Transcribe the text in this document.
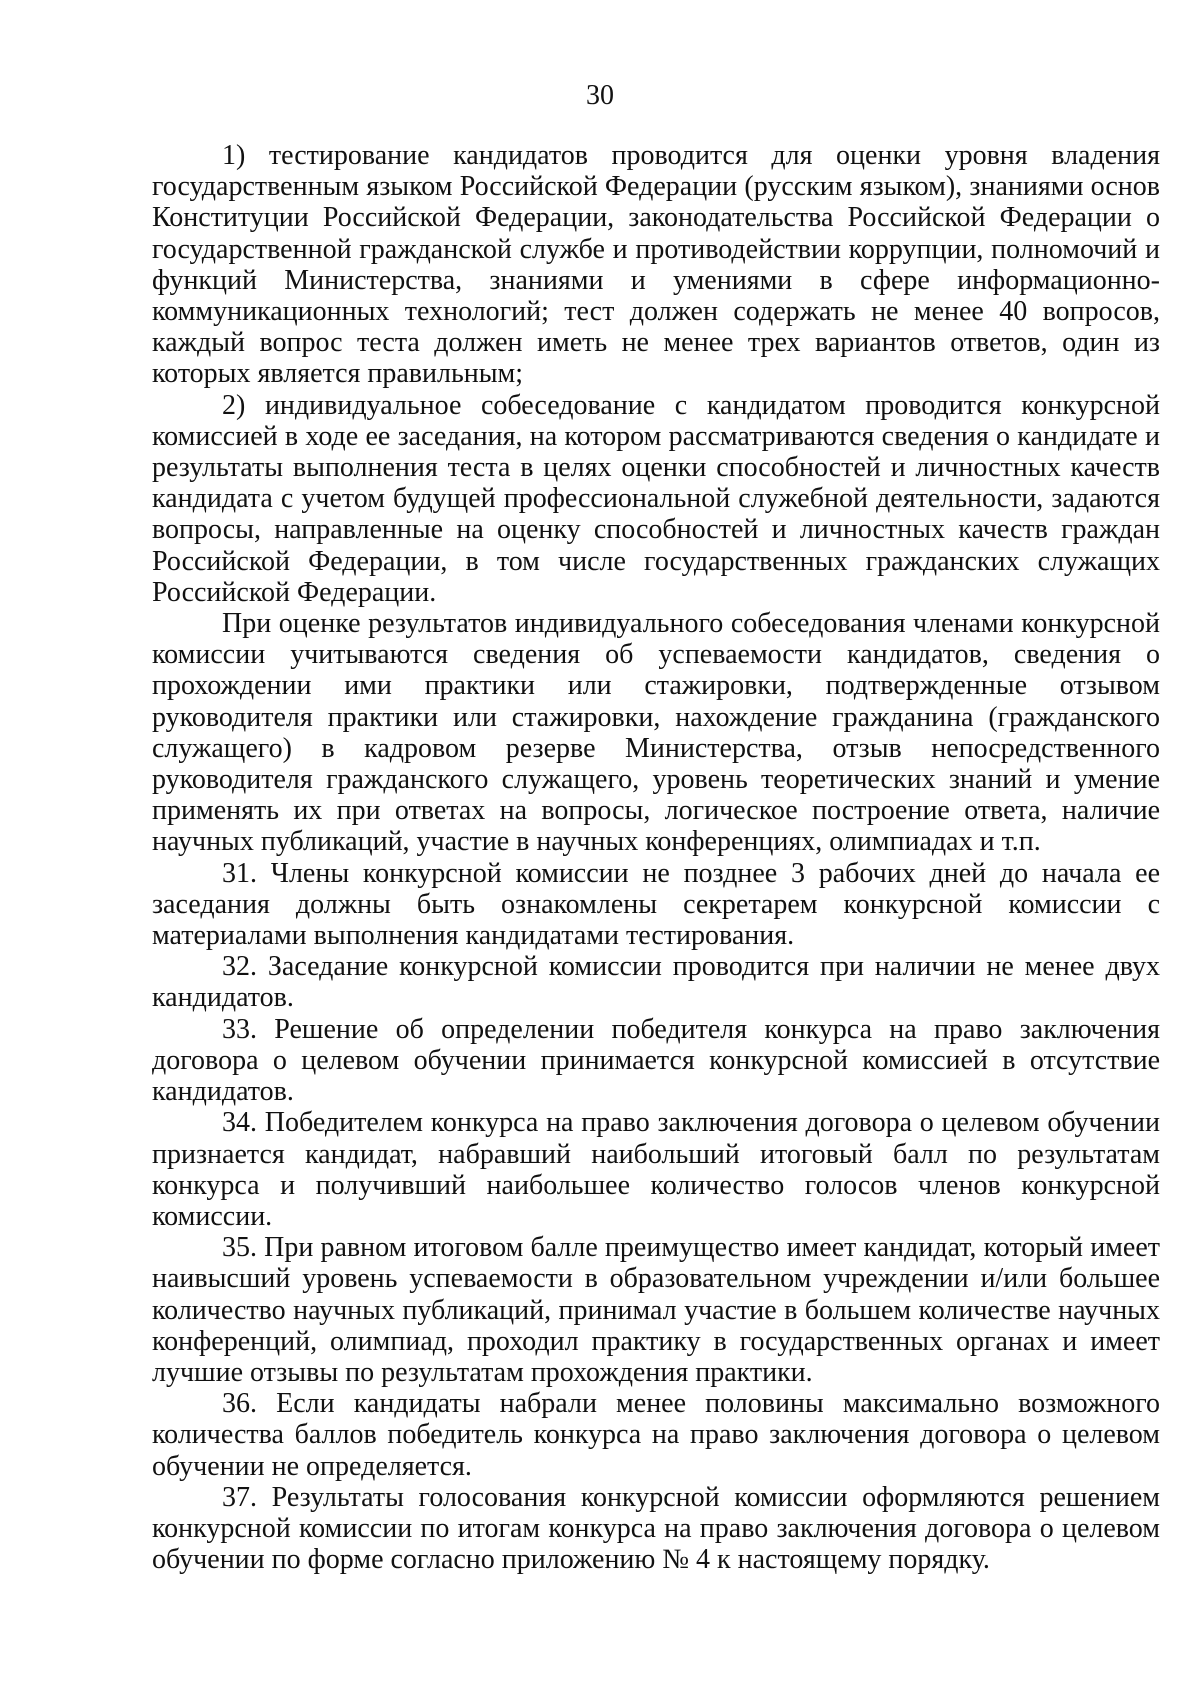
30

1) тестирование кандидатов проводится для оценки уровня владения государственным языком Российской Федерации (русским языком), знаниями основ Конституции Российской Федерации, законодательства Российской Федерации о государственной гражданской службе и противодействии коррупции, полномочий и функций Министерства, знаниями и умениями в сфере информационно-коммуникационных технологий; тест должен содержать не менее 40 вопросов, каждый вопрос теста должен иметь не менее трех вариантов ответов, один из которых является правильным;

2) индивидуальное собеседование с кандидатом проводится конкурсной комиссией в ходе ее заседания, на котором рассматриваются сведения о кандидате и результаты выполнения теста в целях оценки способностей и личностных качеств кандидата с учетом будущей профессиональной служебной деятельности, задаются вопросы, направленные на оценку способностей и личностных качеств граждан Российской Федерации, в том числе государственных гражданских служащих Российской Федерации.

При оценке результатов индивидуального собеседования членами конкурсной комиссии учитываются сведения об успеваемости кандидатов, сведения о прохождении ими практики или стажировки, подтвержденные отзывом руководителя практики или стажировки, нахождение гражданина (гражданского служащего) в кадровом резерве Министерства, отзыв непосредственного руководителя гражданского служащего, уровень теоретических знаний и умение применять их при ответах на вопросы, логическое построение ответа, наличие научных публикаций, участие в научных конференциях, олимпиадах и т.п.

31. Члены конкурсной комиссии не позднее 3 рабочих дней до начала ее заседания должны быть ознакомлены секретарем конкурсной комиссии с материалами выполнения кандидатами тестирования.

32. Заседание конкурсной комиссии проводится при наличии не менее двух кандидатов.

33. Решение об определении победителя конкурса на право заключения договора о целевом обучении принимается конкурсной комиссией в отсутствие кандидатов.

34. Победителем конкурса на право заключения договора о целевом обучении признается кандидат, набравший наибольший итоговый балл по результатам конкурса и получивший наибольшее количество голосов членов конкурсной комиссии.

35. При равном итоговом балле преимущество имеет кандидат, который имеет наивысший уровень успеваемости в образовательном учреждении и/или большее количество научных публикаций, принимал участие в большем количестве научных конференций, олимпиад, проходил практику в государственных органах и имеет лучшие отзывы по результатам прохождения практики.

36. Если кандидаты набрали менее половины максимально возможного количества баллов победитель конкурса на право заключения договора о целевом обучении не определяется.

37. Результаты голосования конкурсной комиссии оформляются решением конкурсной комиссии по итогам конкурса на право заключения договора о целевом обучении по форме согласно приложению № 4 к настоящему порядку.
